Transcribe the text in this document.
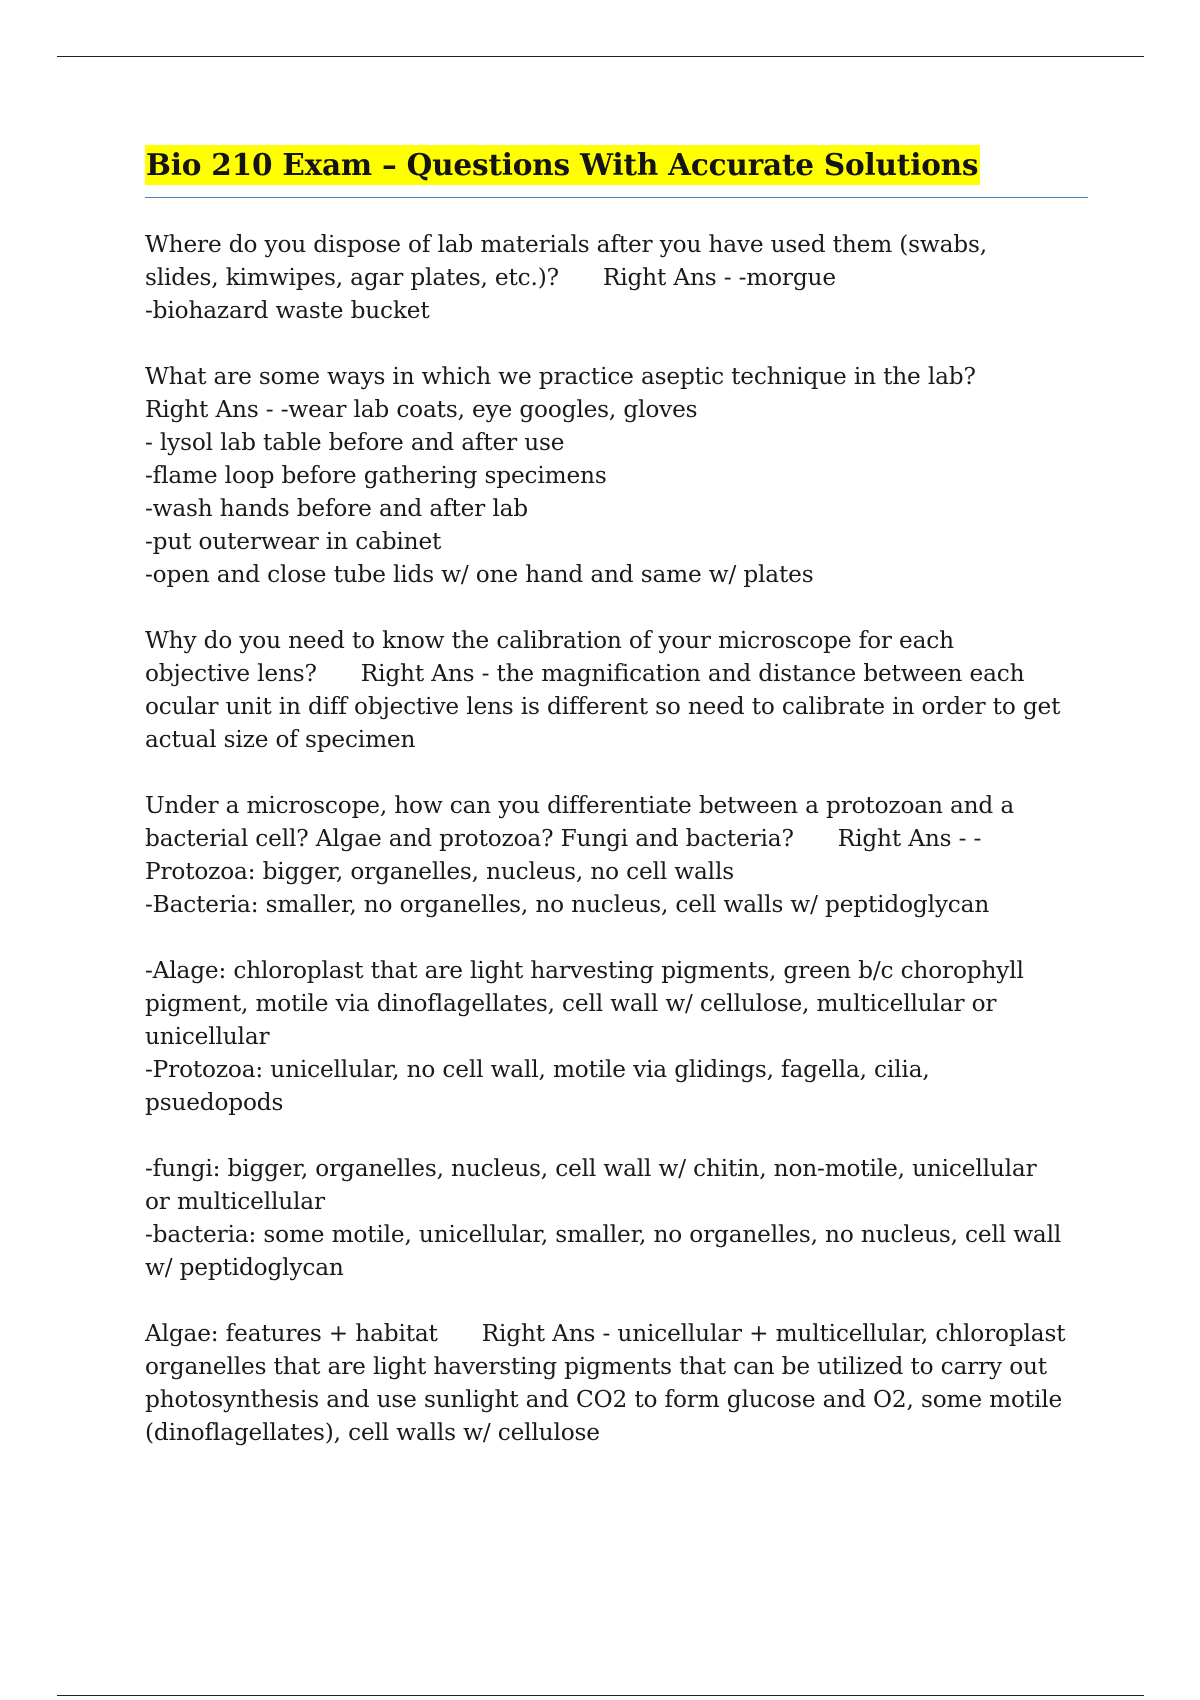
Bio 210 Exam – Questions With Accurate Solutions
Where do you dispose of lab materials after you have used them (swabs,
slides, kimwipes, agar plates, etc.)? Right Ans - -morgue
-biohazard waste bucket
What are some ways in which we practice aseptic technique in the lab?
Right Ans - -wear lab coats, eye googles, gloves
- lysol lab table before and after use
-flame loop before gathering specimens
-wash hands before and after lab
-put outerwear in cabinet
-open and close tube lids w/ one hand and same w/ plates
Why do you need to know the calibration of your microscope for each
objective lens? Right Ans - the magnification and distance between each
ocular unit in diff objective lens is different so need to calibrate in order to get
actual size of specimen
Under a microscope, how can you differentiate between a protozoan and a
bacterial cell? Algae and protozoa? Fungi and bacteria? Right Ans - -
Protozoa: bigger, organelles, nucleus, no cell walls
-Bacteria: smaller, no organelles, no nucleus, cell walls w/ peptidoglycan
-Alage: chloroplast that are light harvesting pigments, green b/c chorophyll
pigment, motile via dinoflagellates, cell wall w/ cellulose, multicellular or
unicellular
-Protozoa: unicellular, no cell wall, motile via glidings, fagella, cilia,
psuedopods
-fungi: bigger, organelles, nucleus, cell wall w/ chitin, non-motile, unicellular
or multicellular
-bacteria: some motile, unicellular, smaller, no organelles, no nucleus, cell wall
w/ peptidoglycan
Algae: features + habitat Right Ans - unicellular + multicellular, chloroplast
organelles that are light haversting pigments that can be utilized to carry out
photosynthesis and use sunlight and CO2 to form glucose and O2, some motile
(dinoflagellates), cell walls w/ cellulose
